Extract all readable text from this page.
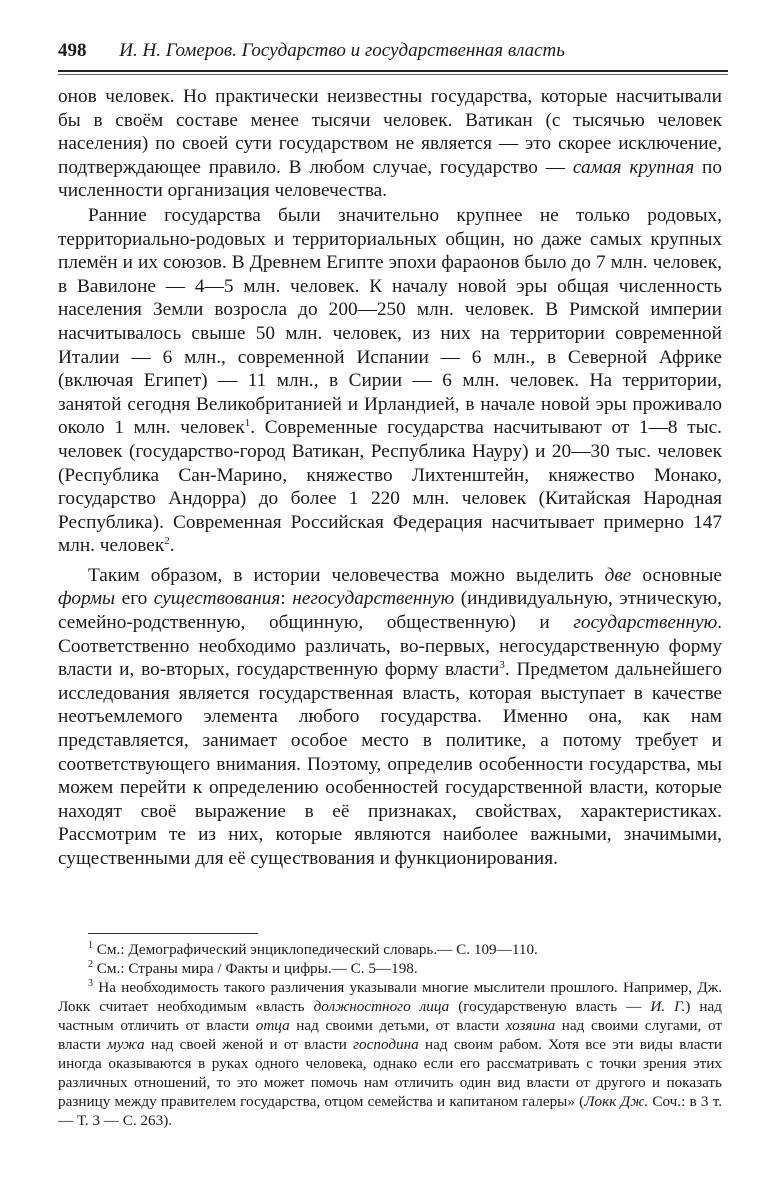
498 И. Н. Гомеров. Государство и государственная власть

онов человек. Но практически неизвестны государства, которые насчитывали бы в своём составе менее тысячи человек. Ватикан (с тысячью человек населения) по своей сути государством не является — это скорее исключение, подтверждающее правило. В любом случае, государство — самая крупная по численности организация человечества.

Ранние государства были значительно крупнее не только родовых, территориально-родовых и территориальных общин, но даже самых крупных племён и их союзов. В Древнем Египте эпохи фараонов было до 7 млн. человек, в Вавилоне — 4—5 млн. человек. К началу новой эры общая численность населения Земли возросла до 200—250 млн. человек. В Римской империи насчитывалось свыше 50 млн. человек, из них на территории современной Италии — 6 млн., современной Испании — 6 млн., в Северной Африке (включая Египет) — 11 млн., в Сирии — 6 млн. человек. На территории, занятой сегодня Великобританией и Ирландией, в начале новой эры проживало около 1 млн. человек$^1$. Современные государства насчитывают от 1—8 тыс. человек (государство-город Ватикан, Республика Науру) и 20—30 тыс. человек (Республика Сан-Марино, княжество Лихтенштейн, княжество Монако, государство Андорра) до более 1 220 млн. человек (Китайская Народная Республика). Современная Российская Федерация насчитывает примерно 147 млн. человек$^2$.

Таким образом, в истории человечества можно выделить две основные формы его существования: негосударственную (индивидуальную, этническую, семейно-родственную, общинную, общественную) и государственную. Соответственно необходимо различать, во-первых, негосударственную форму власти и, во-вторых, государственную форму власти$^3$. Предметом дальнейшего исследования является государственная власть, которая выступает в качестве неотъемлемого элемента любого государства. Именно она, как нам представляется, занимает особое место в политике, а потому требует и соответствующего внимания. Поэтому, определив особенности государства, мы можем перейти к определению особенностей государственной власти, которые находят своё выражение в её признаках, свойствах, характеристиках. Рассмотрим те из них, которые являются наиболее важными, значимыми, существенными для её существования и функционирования.

$^1$ См.: Демографический энциклопедический словарь.— С. 109—110.

$^2$ См.: Страны мира / Факты и цифры.— С. 5—198.

$^3$ На необходимость такого различения указывали многие мыслители прошлого. Например, Дж. Локк считает необходимым «власть должностного лица (государственую власть — И. Г.) над частным отличить от власти отца над своими детьми, от власти хозяина над своими слугами, от власти мужа над своей женой и от власти господина над своим рабом. Хотя все эти виды власти иногда оказываются в руках одного человека, однако если его рассматривать с точки зрения этих различных отношений, то это может помочь нам отличить один вид власти от другого и показать разницу между правителем государства, отцом семейства и капитаном галеры» (Локк Дж. Соч.: в 3 т.— Т. 3 — С. 263).
